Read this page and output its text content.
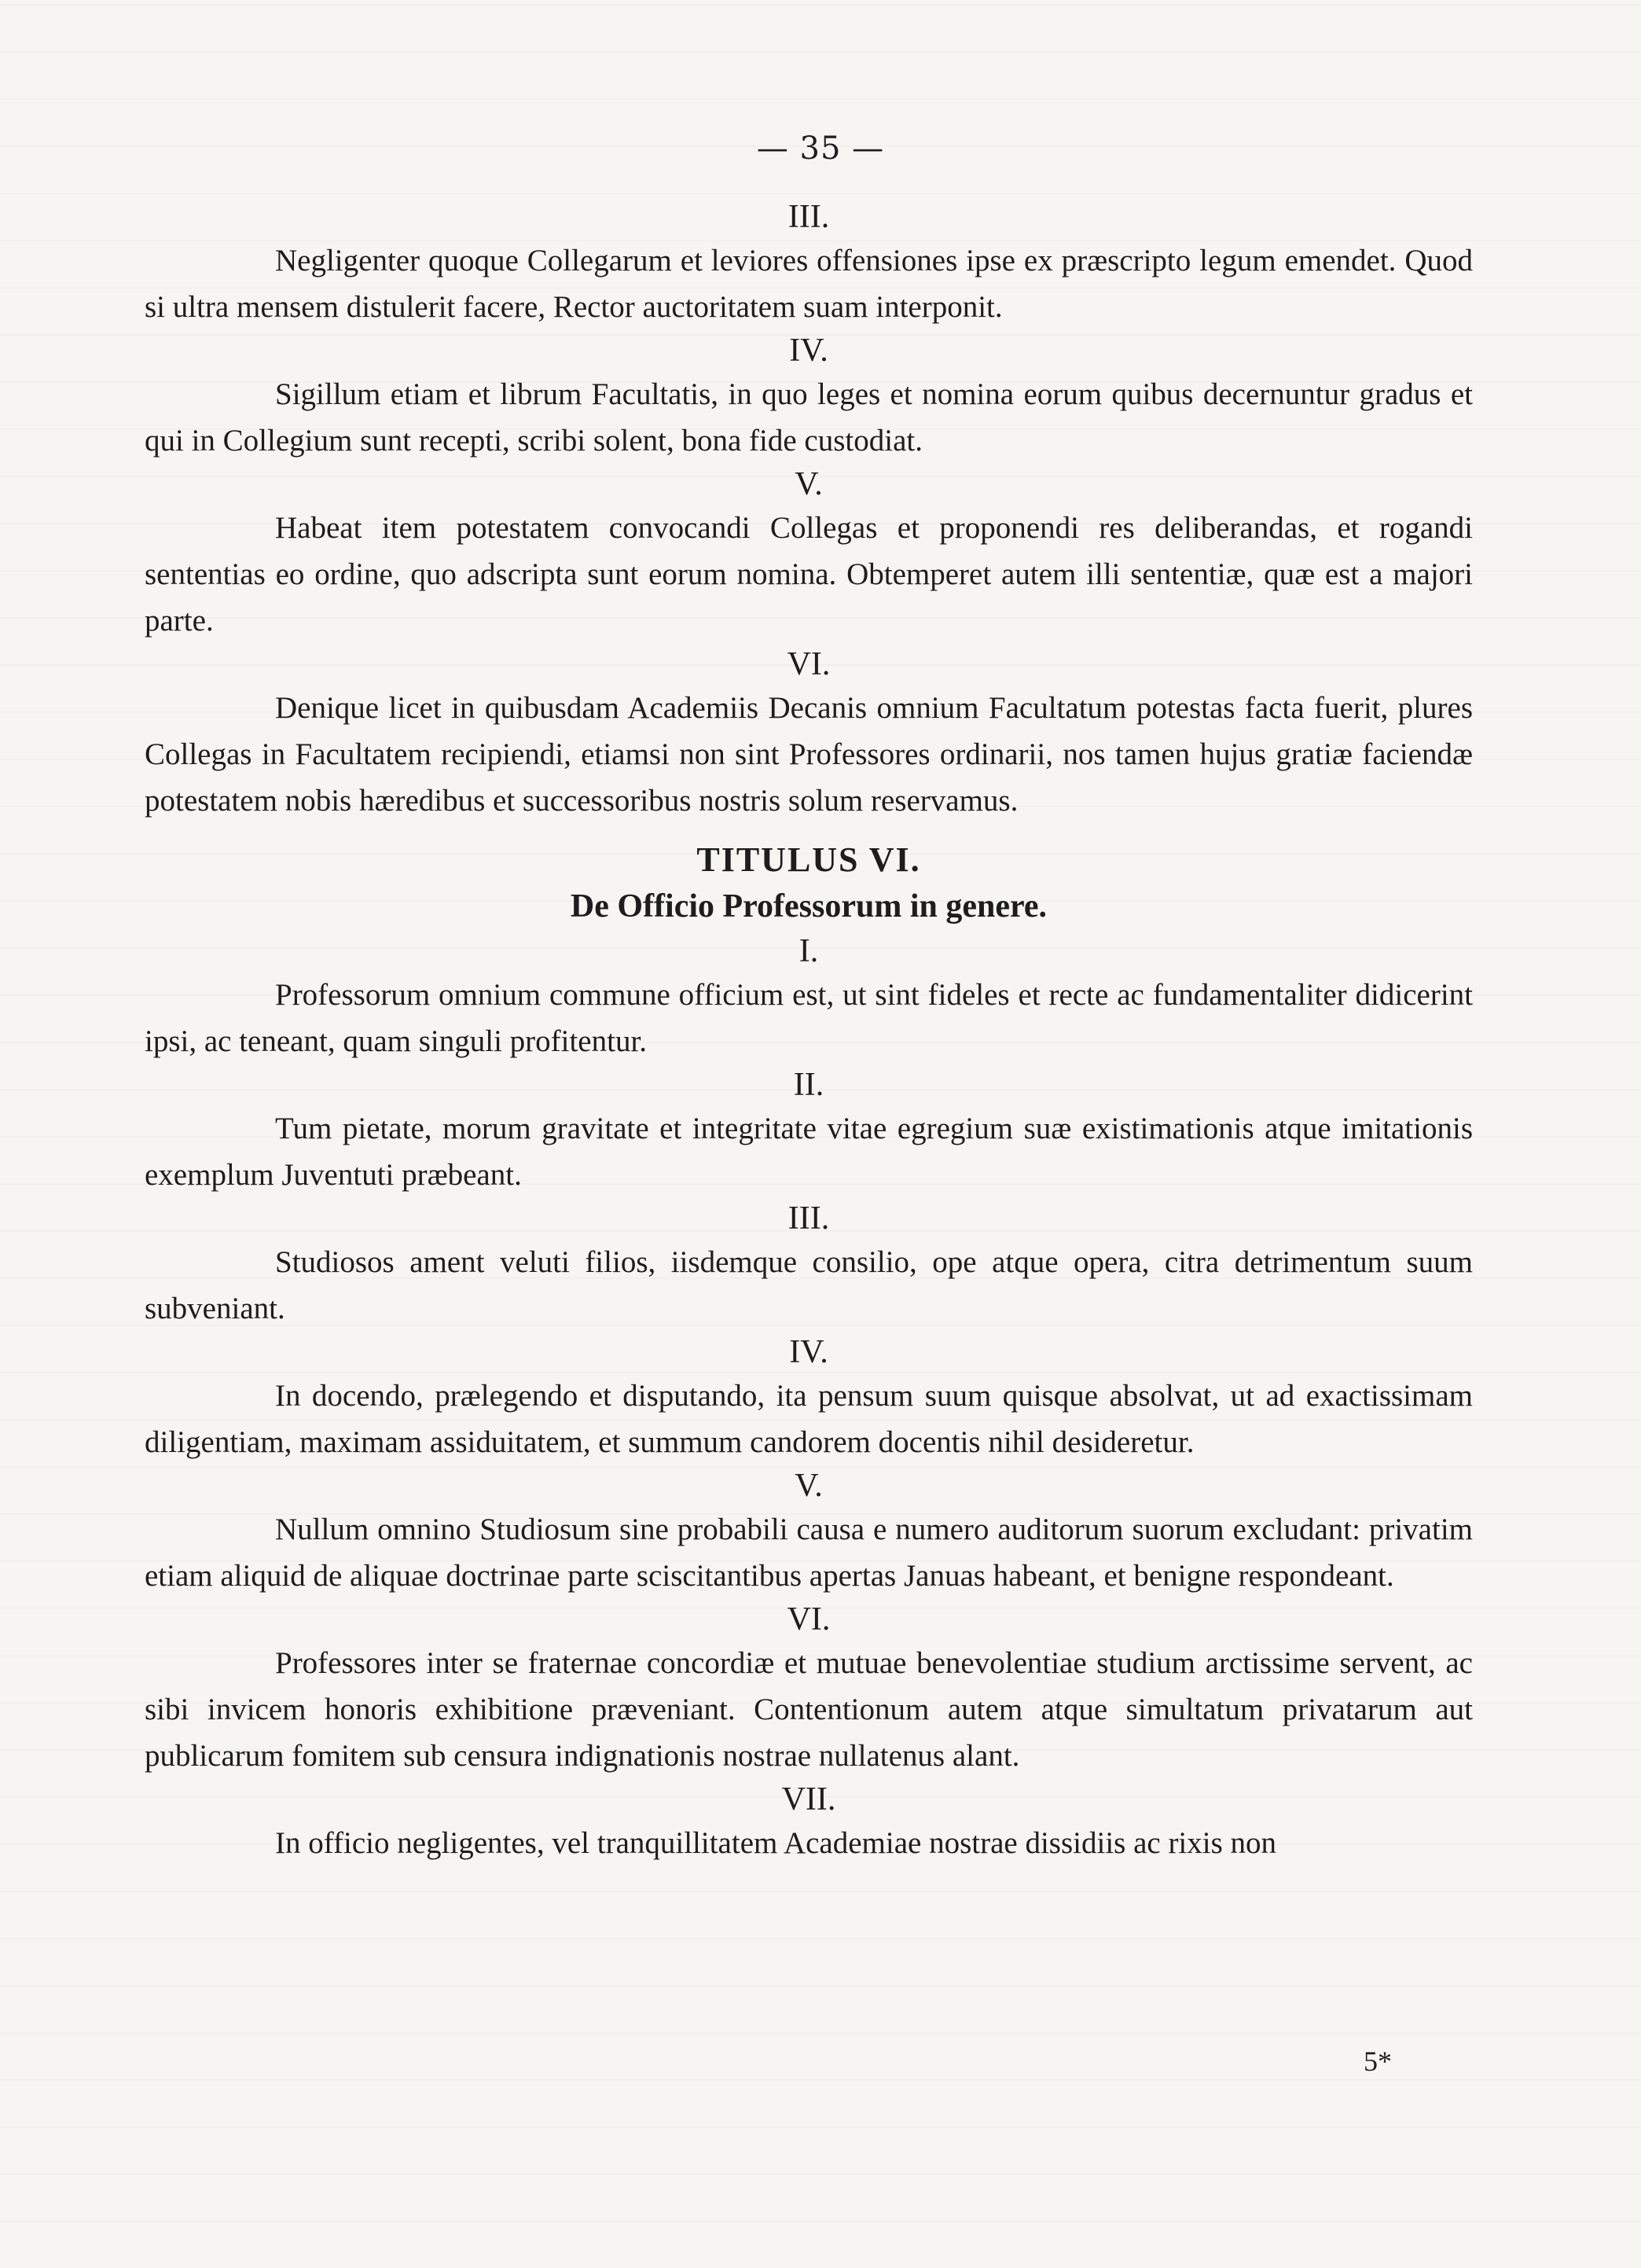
— 35 —

III.

Negligenter quoque Collegarum et leviores offensiones ipse ex præscripto legum emendet. Quod si ultra mensem distulerit facere, Rector auctoritatem suam interponit.

IV.

Sigillum etiam et librum Facultatis, in quo leges et nomina eorum quibus decernuntur gradus et qui in Collegium sunt recepti, scribi solent, bona fide custodiat.

V.

Habeat item potestatem convocandi Collegas et proponendi res deliberandas, et rogandi sententias eo ordine, quo adscripta sunt eorum nomina. Obtemperet autem illi sententiæ, quæ est a majori parte.

VI.

Denique licet in quibusdam Academiis Decanis omnium Facultatum potestas facta fuerit, plures Collegas in Facultatem recipiendi, etiamsi non sint Professores ordinarii, nos tamen hujus gratiæ faciendæ potestatem nobis hæredibus et successoribus nostris solum reservamus.

TITULUS VI.

De Officio Professorum in genere.

I.

Professorum omnium commune officium est, ut sint fideles et recte ac fundamentaliter didicerint ipsi, ac teneant, quam singuli profitentur.

II.

Tum pietate, morum gravitate et integritate vitae egregium suæ existimationis atque imitationis exemplum Juventuti præbeant.

III.

Studiosos ament veluti filios, iisdemque consilio, ope atque opera, citra detrimentum suum subveniant.

IV.

In docendo, prælegendo et disputando, ita pensum suum quisque absolvat, ut ad exactissimam diligentiam, maximam assiduitatem, et summum candorem docentis nihil desideretur.

V.

Nullum omnino Studiosum sine probabili causa e numero auditorum suorum excludant: privatim etiam aliquid de aliquae doctrinae parte sciscitantibus apertas Januas habeant, et benigne respondeant.

VI.

Professores inter se fraternae concordiæ et mutuae benevolentiae studium arctissime servent, ac sibi invicem honoris exhibitione præveniant. Contentionum autem atque simultatum privatarum aut publicarum fomitem sub censura indignationis nostrae nullatenus alant.

VII.

In officio negligentes, vel tranquillitatem Academiae nostrae dissidiis ac rixis non

5*
